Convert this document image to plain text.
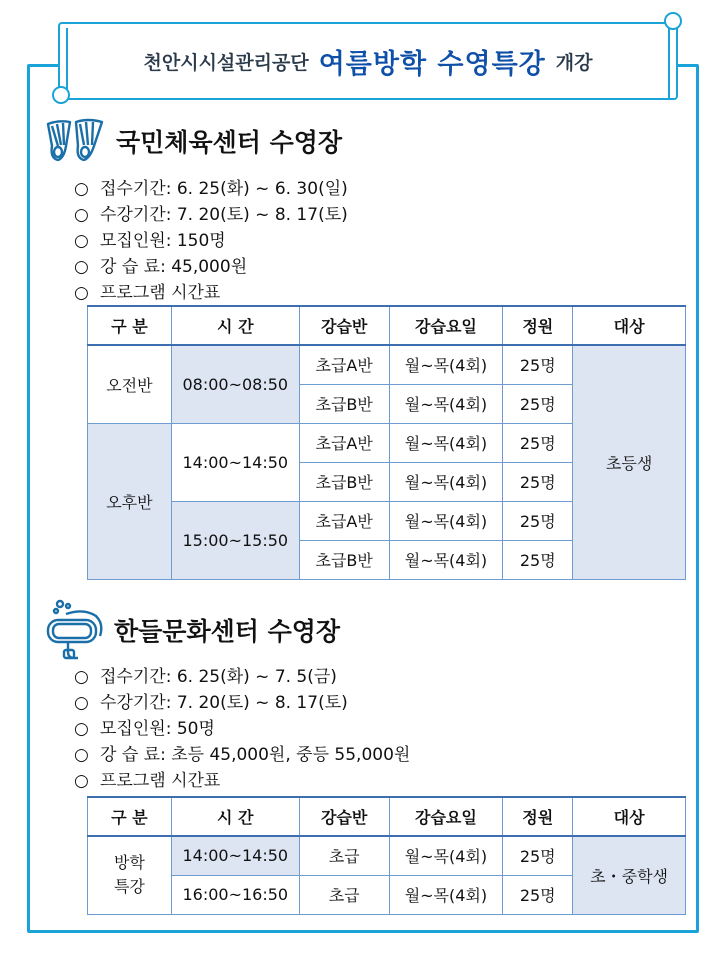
천안시시설관리공단 여름방학 수영특강 개강
국민체육센터 수영장
○ 접수기간: 6. 25(화) ~ 6. 30(일)
○ 수강기간: 7. 20(토) ~ 8. 17(토)
○ 모집인원: 150명
○ 강 습 료: 45,000원
○ 프로그램 시간표
구 분	시 간	강습반	강습요일	정원	대상
오전반	08:00~08:50	초급A반	월~목(4회)	25명	초등생
		초급B반	월~목(4회)	25명	
오후반	14:00~14:50	초급A반	월~목(4회)	25명	
		초급B반	월~목(4회)	25명	
	15:00~15:50	초급A반	월~목(4회)	25명	
		초급B반	월~목(4회)	25명	
한들문화센터 수영장
○ 접수기간: 6. 25(화) ~ 7. 5(금)
○ 수강기간: 7. 20(토) ~ 8. 17(토)
○ 모집인원: 50명
○ 강 습 료: 초등 45,000원, 중등 55,000원
○ 프로그램 시간표
구 분	시 간	강습반	강습요일	정원	대상

방학
특강	14:00~14:50	초급	월~목(4회)	25명	초・중학생
	16:00~16:50	초급	월~목(4회)	25명	
